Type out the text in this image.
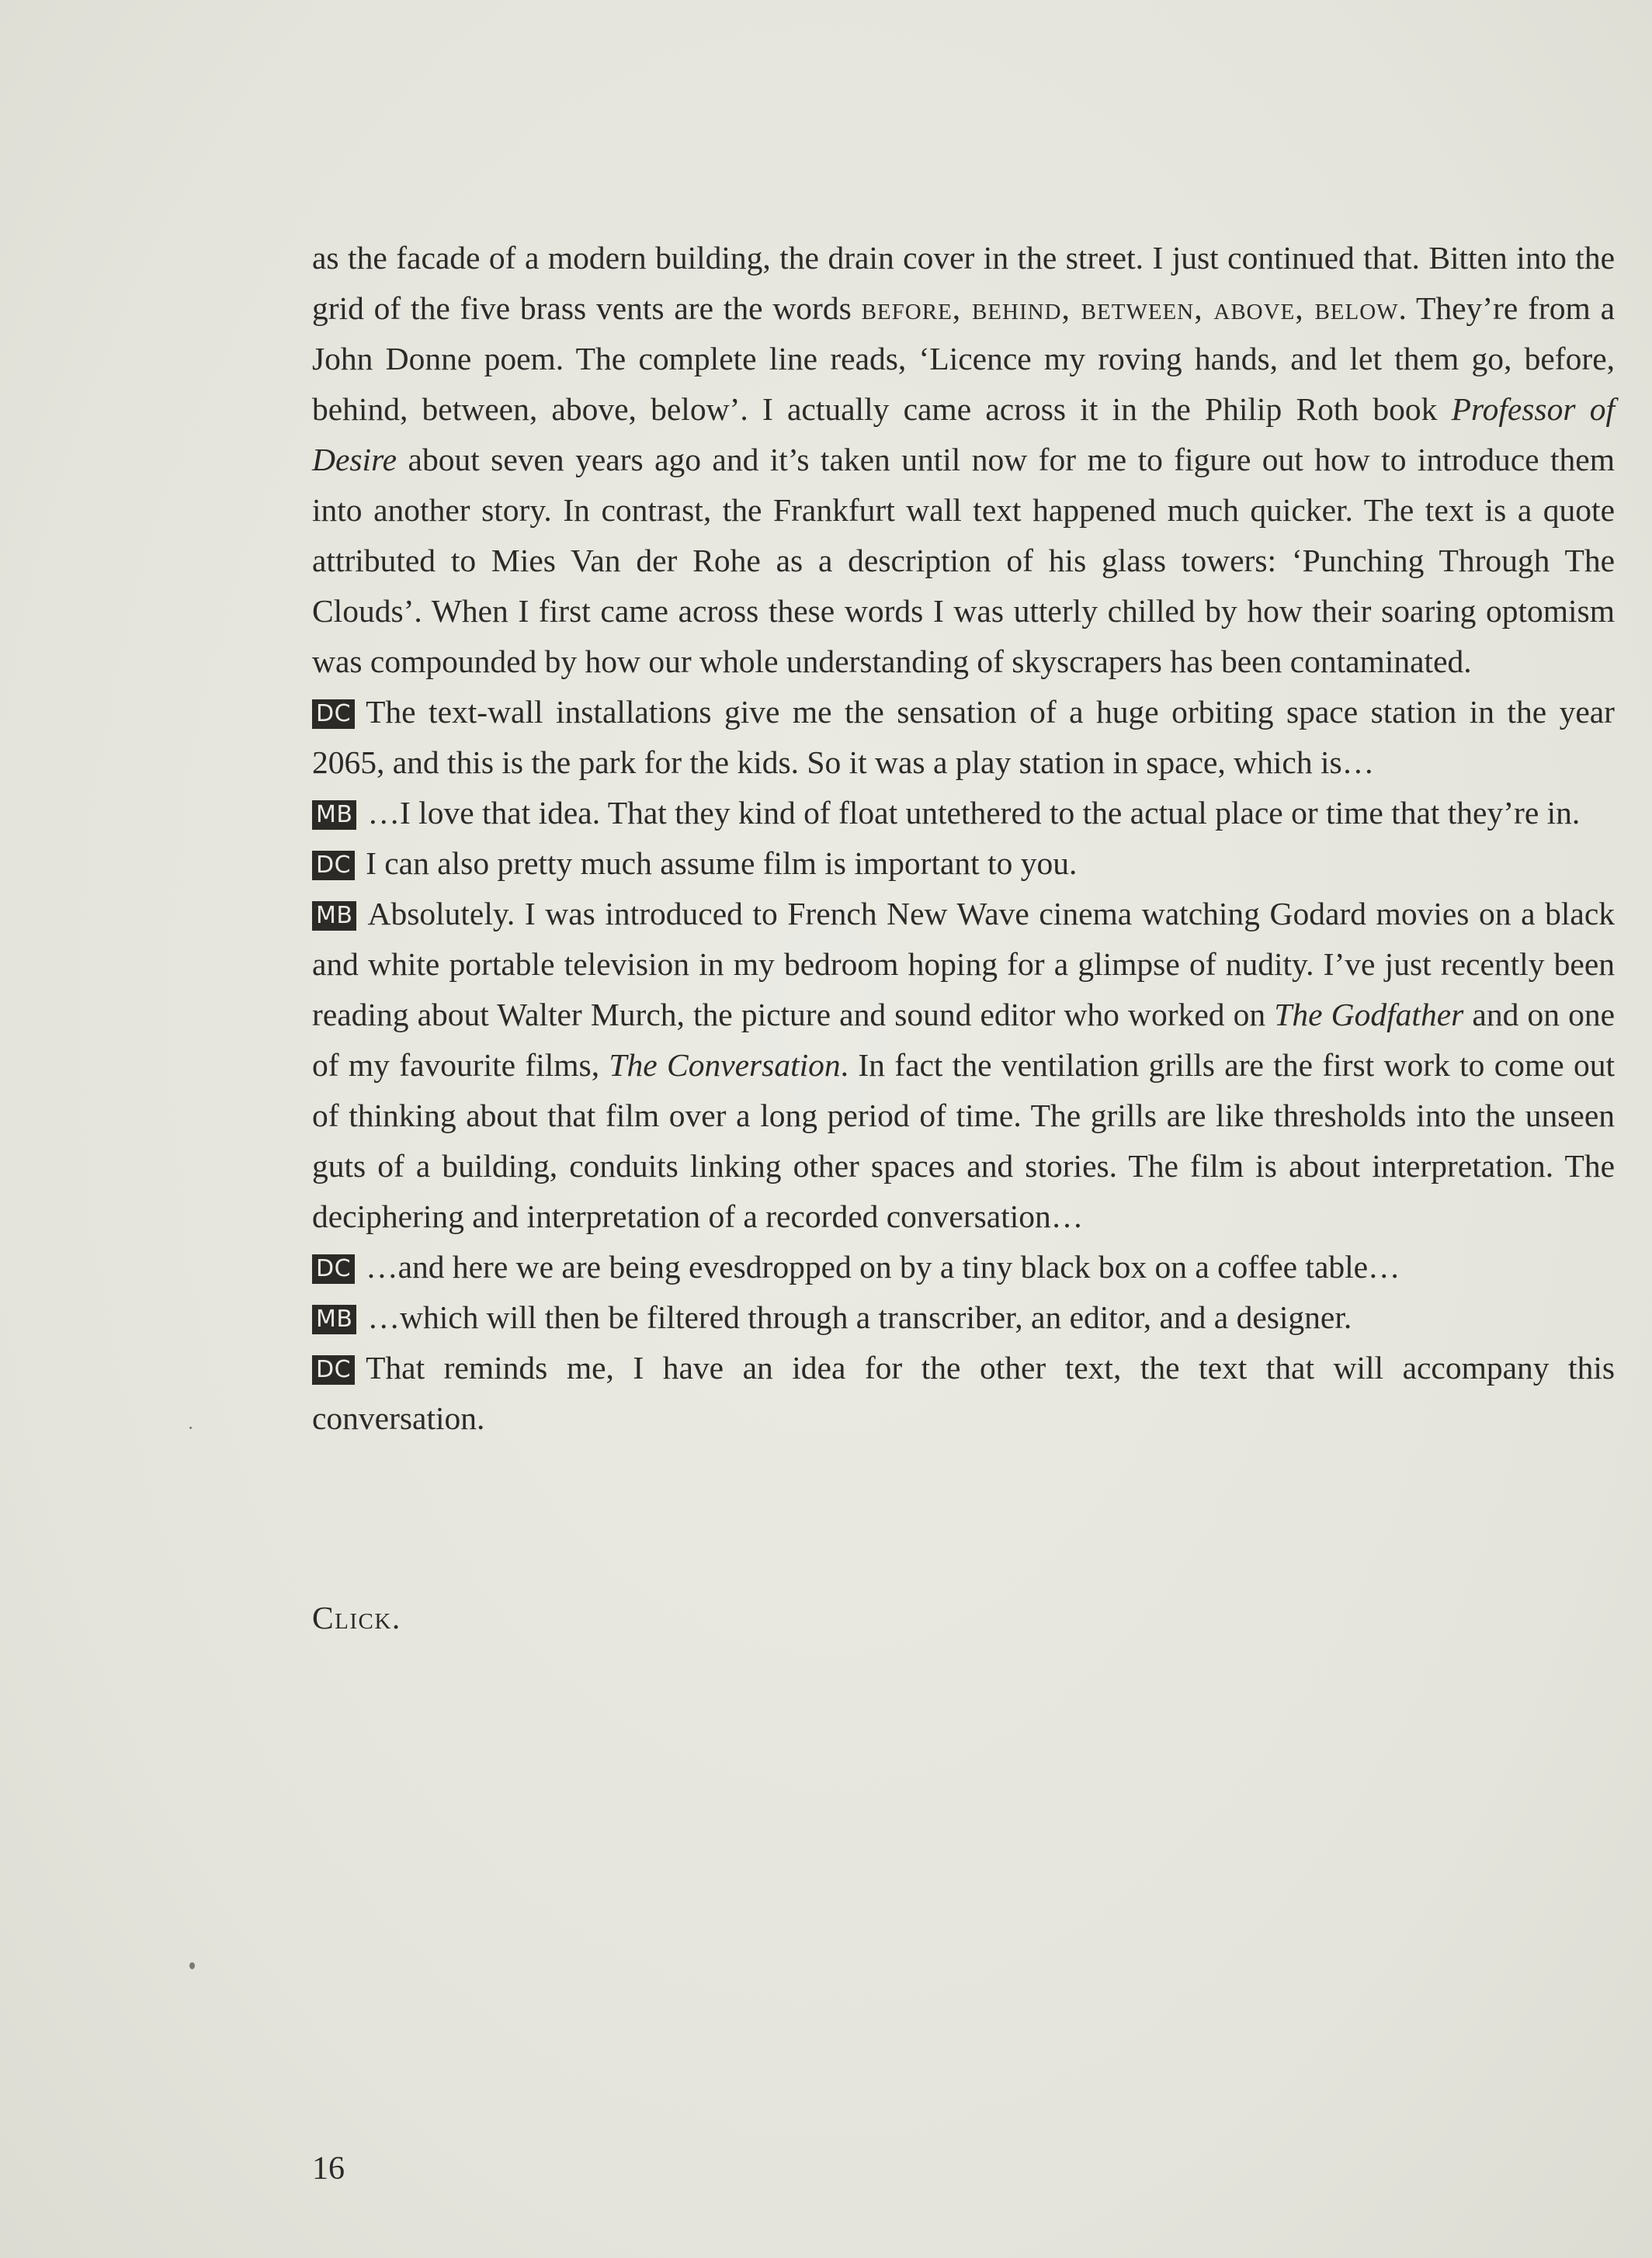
as the facade of a modern building, the drain cover in the street. I just continued that. Bitten into the grid of the five brass vents are the words before, behind, between, above, below. They’re from a John Donne poem. The complete line reads, ‘Licence my roving hands, and let them go, before, behind, between, above, below’. I actually came across it in the Philip Roth book Professor of Desire about seven years ago and it’s taken until now for me to figure out how to introduce them into another story. In contrast, the Frankfurt wall text happened much quicker. The text is a quote attributed to Mies Van der Rohe as a description of his glass towers: ‘Punching Through The Clouds’. When I first came across these words I was utterly chilled by how their soaring optomism was compounded by how our whole understanding of skyscrapers has been contaminated.

DC The text-wall installations give me the sensation of a huge orbiting space station in the year 2065, and this is the park for the kids. So it was a play station in space, which is…

MB …I love that idea. That they kind of float untethered to the actual place or time that they’re in.

DC I can also pretty much assume film is important to you.

MB Absolutely. I was introduced to French New Wave cinema watching Godard movies on a black and white portable television in my bedroom hoping for a glimpse of nudity. I’ve just recently been reading about Walter Murch, the picture and sound editor who worked on The Godfather and on one of my favourite films, The Conversation. In fact the ventilation grills are the first work to come out of thinking about that film over a long period of time. The grills are like thresholds into the unseen guts of a building, conduits linking other spaces and stories. The film is about interpretation. The deciphering and interpretation of a recorded conversation…

DC …and here we are being evesdropped on by a tiny black box on a coffee table…

MB …which will then be filtered through a transcriber, an editor, and a designer.

DC That reminds me, I have an idea for the other text, the text that will accompany this conversation.

Click.
16
